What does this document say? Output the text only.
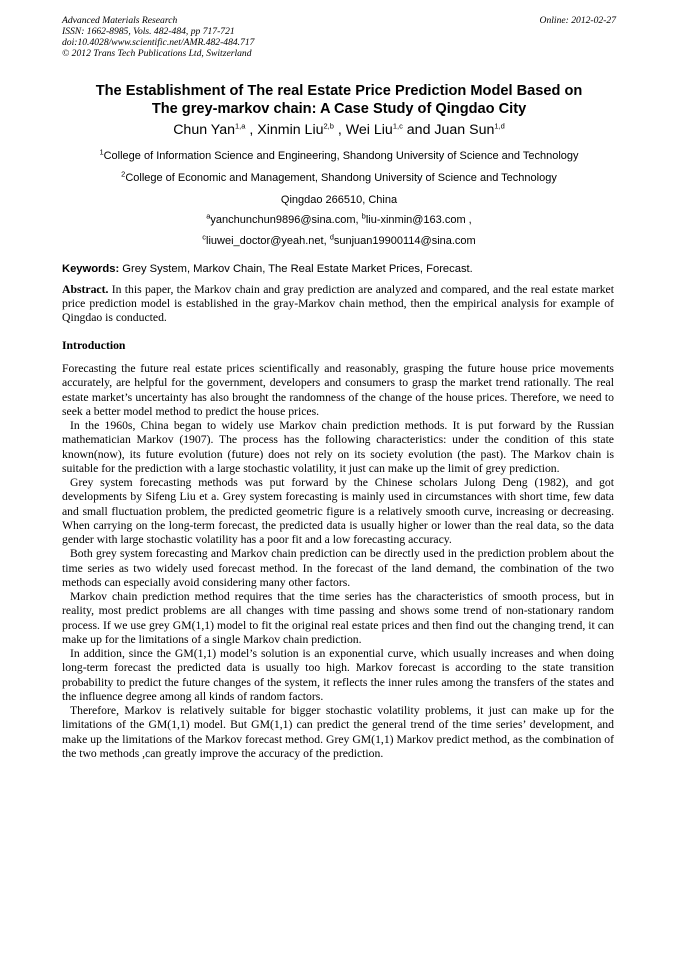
Advanced Materials Research
ISSN: 1662-8985, Vols. 482-484, pp 717-721
doi:10.4028/www.scientific.net/AMR.482-484.717
© 2012 Trans Tech Publications Ltd, Switzerland
Online: 2012-02-27
The Establishment of The real Estate Price Prediction Model Based on
The grey-markov chain: A Case Study of Qingdao City
Chun Yan$^{1,a}$ , Xinmin Liu$^{2,b}$ , Wei Liu$^{1,c}$ and Juan Sun$^{1,d}$
$^1$College of Information Science and Engineering, Shandong University of Science and Technology
$^2$College of Economic and Management, Shandong University of Science and Technology
Qingdao 266510, China
$^a$yanchunchun9896@sina.com, $^b$liu-xinmin@163.com ,
$^c$liuwei_doctor@yeah.net, $^d$sunjuan19900114@sina.com
Keywords: Grey System, Markov Chain, The Real Estate Market Prices, Forecast.
Abstract. In this paper, the Markov chain and gray prediction are analyzed and compared, and the real estate market price prediction model is established in the gray-Markov chain method, then the empirical analysis for example of Qingdao is conducted.
Introduction

Forecasting the future real estate prices scientifically and reasonably, grasping the future house price movements accurately, are helpful for the government, developers and consumers to grasp the market trend rationally. The real estate market’s uncertainty has also brought the randomness of the change of the house prices. Therefore, we need to seek a better model method to predict the house prices.

In the 1960s, China began to widely use Markov chain prediction methods. It is put forward by the Russian mathematician Markov (1907). The process has the following characteristics: under the condition of this state known(now), its future evolution (future) does not rely on its society evolution (the past). The Markov chain is suitable for the prediction with a large stochastic volatility, it just can make up the limit of grey prediction.

Grey system forecasting methods was put forward by the Chinese scholars Julong Deng (1982), and got developments by Sifeng Liu et a. Grey system forecasting is mainly used in circumstances with short time, few data and small fluctuation problem, the predicted geometric figure is a relatively smooth curve, increasing or decreasing. When carrying on the long-term forecast, the predicted data is usually higher or lower than the real data, so the data gender with large stochastic volatility has a poor fit and a low forecasting accuracy.

Both grey system forecasting and Markov chain prediction can be directly used in the prediction problem about the time series as two widely used forecast method. In the forecast of the land demand, the combination of the two methods can especially avoid considering many other factors.

Markov chain prediction method requires that the time series has the characteristics of smooth process, but in reality, most predict problems are all changes with time passing and shows some trend of non-stationary random process. If we use grey GM(1,1) model to fit the original real estate prices and then find out the changing trend, it can make up for the limitations of a single Markov chain prediction.

In addition, since the GM(1,1) model’s solution is an exponential curve, which usually increases and when doing long-term forecast the predicted data is usually too high. Markov forecast is according to the state transition probability to predict the future changes of the system, it reflects the inner rules among the transfers of the states and the influence degree among all kinds of random factors.

Therefore, Markov is relatively suitable for bigger stochastic volatility problems, it just can make up for the limitations of the GM(1,1) model. But GM(1,1) can predict the general trend of the time series’ development, and make up the limitations of the Markov forecast method. Grey GM(1,1) Markov predict method, as the combination of the two methods ,can greatly improve the accuracy of the prediction.
